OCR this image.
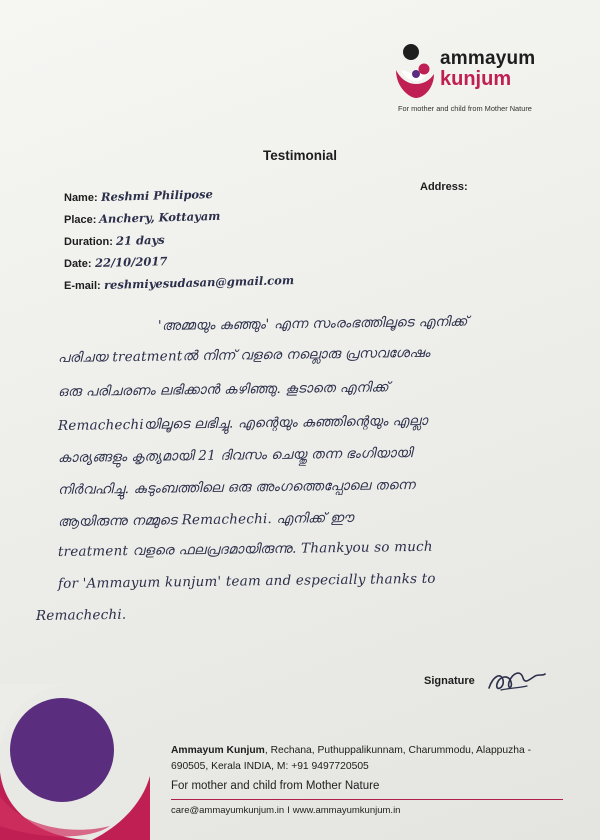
ammayum
kunjum
For mother and child from Mother Nature
Testimonial
Name: Reshmi Philipose
Place: Anchery, Kottayam
Duration: 21 days
Date: 22/10/2017
E-mail: reshmiyesudasan@gmail.com
Address:
'അമ്മയും കുഞ്ഞും' എന്ന സംരംഭത്തിലൂടെ എനിക്ക്
പരിചയ treatmentൽ നിന്ന് വളരെ നല്ലൊരു പ്രസവശേഷം
ഒരു പരിചരണം ലഭിക്കാൻ കഴിഞ്ഞു. കൂടാതെ എനിക്ക്
Remachechiയിലൂടെ ലഭിച്ചു. എന്റെയും കുഞ്ഞിന്റെയും എല്ലാ
കാര്യങ്ങളും കൃത്യമായി 21 ദിവസം ചെയ്തു തന്ന ഭംഗിയായി
നിർവഹിച്ചു. കുടുംബത്തിലെ ഒരു അംഗത്തെപ്പോലെ തന്നെ
ആയിരുന്നു നമ്മുടെ Remachechi. എനിക്ക് ഈ
treatment വളരെ ഫലപ്രദമായിരുന്നു. Thankyou so much
for 'Ammayum kunjum' team and especially thanks to
Remachechi.
Signature
Ammayum Kunjum, Rechana, Puthuppalikunnam, Charummodu, Alappuzha - 690505, Kerala INDIA, M: +91 9497720505
For mother and child from Mother Nature
care@ammayumkunjum.in I www.ammayumkunjum.in
